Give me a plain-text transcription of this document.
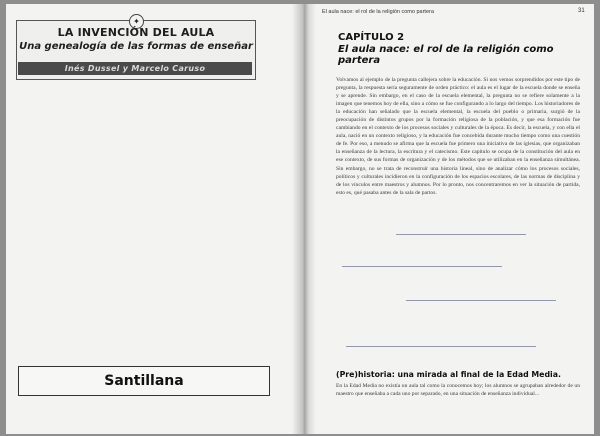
✦
LA INVENCIÓN DEL AULA
Una genealogía de las formas de enseñar
Inés Dussel y Marcelo Caruso
Santillana
El aula nace: el rol de la religión como partera	31
CAPÍTULO 2
El aula nace: el rol de la religión como partera

Volvamos al ejemplo de la pregunta callejera sobre la educación. Si nos vemos sorprendidos por este tipo de pregunta, la respuesta sería seguramente de orden práctico: el aula es el lugar de la escuela donde se enseña y se aprende. Sin embargo, en el caso de la escuela elemental, la pregunta no se refiere solamente a la imagen que tenemos hoy de ella, sino a cómo se fue configurando a lo largo del tiempo. Los historiadores de la educación han señalado que la escuela elemental, la escuela del pueblo o primaria, surgió de la preocupación de distintos grupos por la formación religiosa de la población, y que esa formación fue cambiando en el contexto de los procesos sociales y culturales de la época. Es decir, la escuela, y con ella el aula, nació en un contexto religioso, y la educación fue concebida durante mucho tiempo como una cuestión de fe. Por eso, a menudo se afirma que la escuela fue primero una iniciativa de las iglesias, que organizaban la enseñanza de la lectura, la escritura y el catecismo. Este capítulo se ocupa de la constitución del aula en ese contexto, de sus formas de organización y de los métodos que se utilizaban en la enseñanza simultánea. Sin embargo, no se trata de reconstruir una historia lineal, sino de analizar cómo los procesos sociales, políticos y culturales incidieron en la configuración de los espacios escolares, de las normas de disciplina y de los vínculos entre maestros y alumnos. Por lo pronto, nos concentraremos en ver la situación de partida, esto es, qué pasaba antes de la sala de partos.

(Pre)historia: una mirada al final de la Edad Media.

En la Edad Media no existía un aula tal como la conocemos hoy; los alumnos se agrupaban alrededor de un maestro que enseñaba a cada uno por separado, en una situación de enseñanza individual...
